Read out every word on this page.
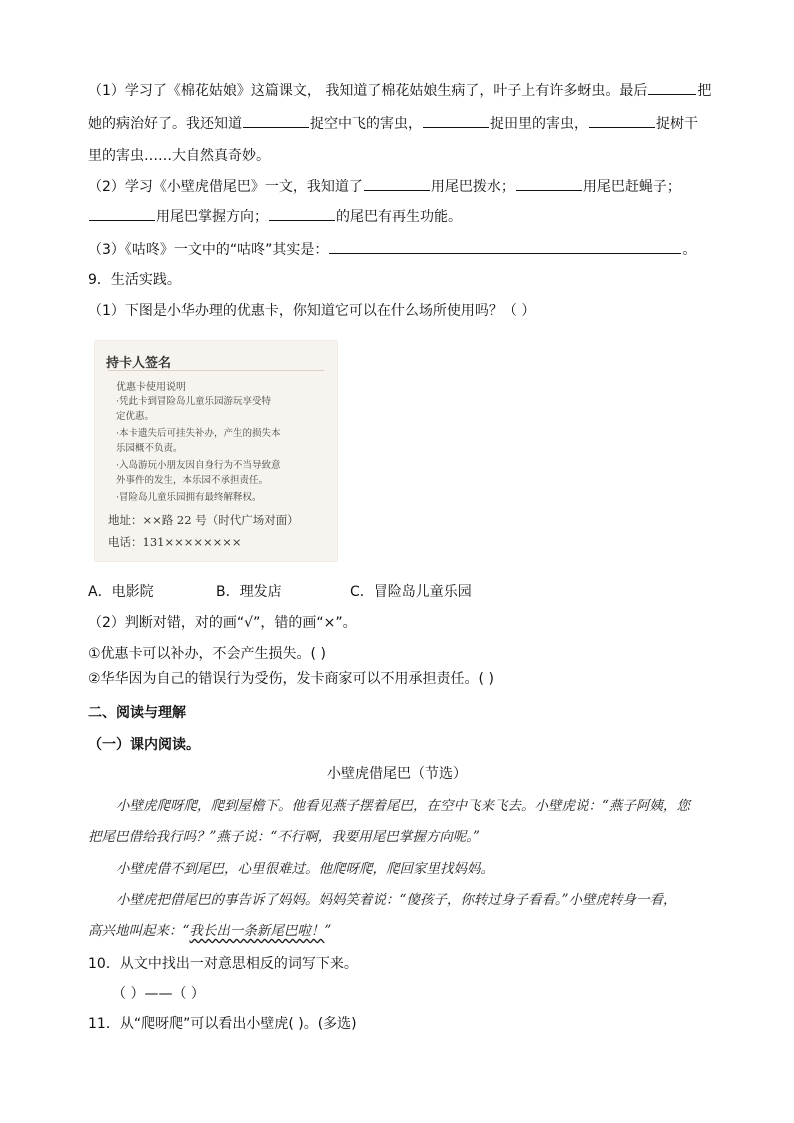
（1）学习了《棉花姑娘》这篇课文， 我知道了棉花姑娘生病了，叶子上有许多蚜虫。最后	把
她的病治好了。我还知道	捉空中飞的害虫，	捉田里的害虫，	捉树干
里的害虫……大自然真奇妙。
（2）学习《小壁虎借尾巴》一文，我知道了	用尾巴拨水；	用尾巴赶蝇子；
用尾巴掌握方向；	的尾巴有再生功能。
（3）《咕咚》一文中的“咕咚”其实是：	。
9．生活实践。
（1）下图是小华办理的优惠卡，你知道它可以在什么场所使用吗？（ ）
持卡人签名
优惠卡使用说明
·凭此卡到冒险岛儿童乐园游玩享受特
定优惠。
·本卡遗失后可挂失补办，产生的损失本
乐园概不负责。
·入岛游玩小朋友因自身行为不当导致意
外事件的发生，本乐园不承担责任。
·冒险岛儿童乐园拥有最终解释权。
地址：××路 22 号（时代广场对面）
电话：131××××××××
A．电影院	B．理发店	C．冒险岛儿童乐园
（2）判断对错，对的画“√”，错的画“×”。
①优惠卡可以补办，不会产生损失。( )
②华华因为自己的错误行为受伤，发卡商家可以不用承担责任。( )
二、阅读与理解
（一）课内阅读。
小壁虎借尾巴（节选）
小壁虎爬呀爬，爬到屋檐下。他看见燕子摆着尾巴，在空中飞来飞去。小壁虎说：“燕子阿姨，您
把尾巴借给我行吗？”燕子说：“不行啊，我要用尾巴掌握方向呢。”
小壁虎借不到尾巴，心里很难过。他爬呀爬，爬回家里找妈妈。
小壁虎把借尾巴的事告诉了妈妈。妈妈笑着说：“傻孩子，你转过身子看看。”小壁虎转身一看，
高兴地叫起来：“我长出一条新尾巴啦！”
10．从文中找出一对意思相反的词写下来。
（ ）——（ ）
11．从“爬呀爬”可以看出小壁虎( )。(多选)
